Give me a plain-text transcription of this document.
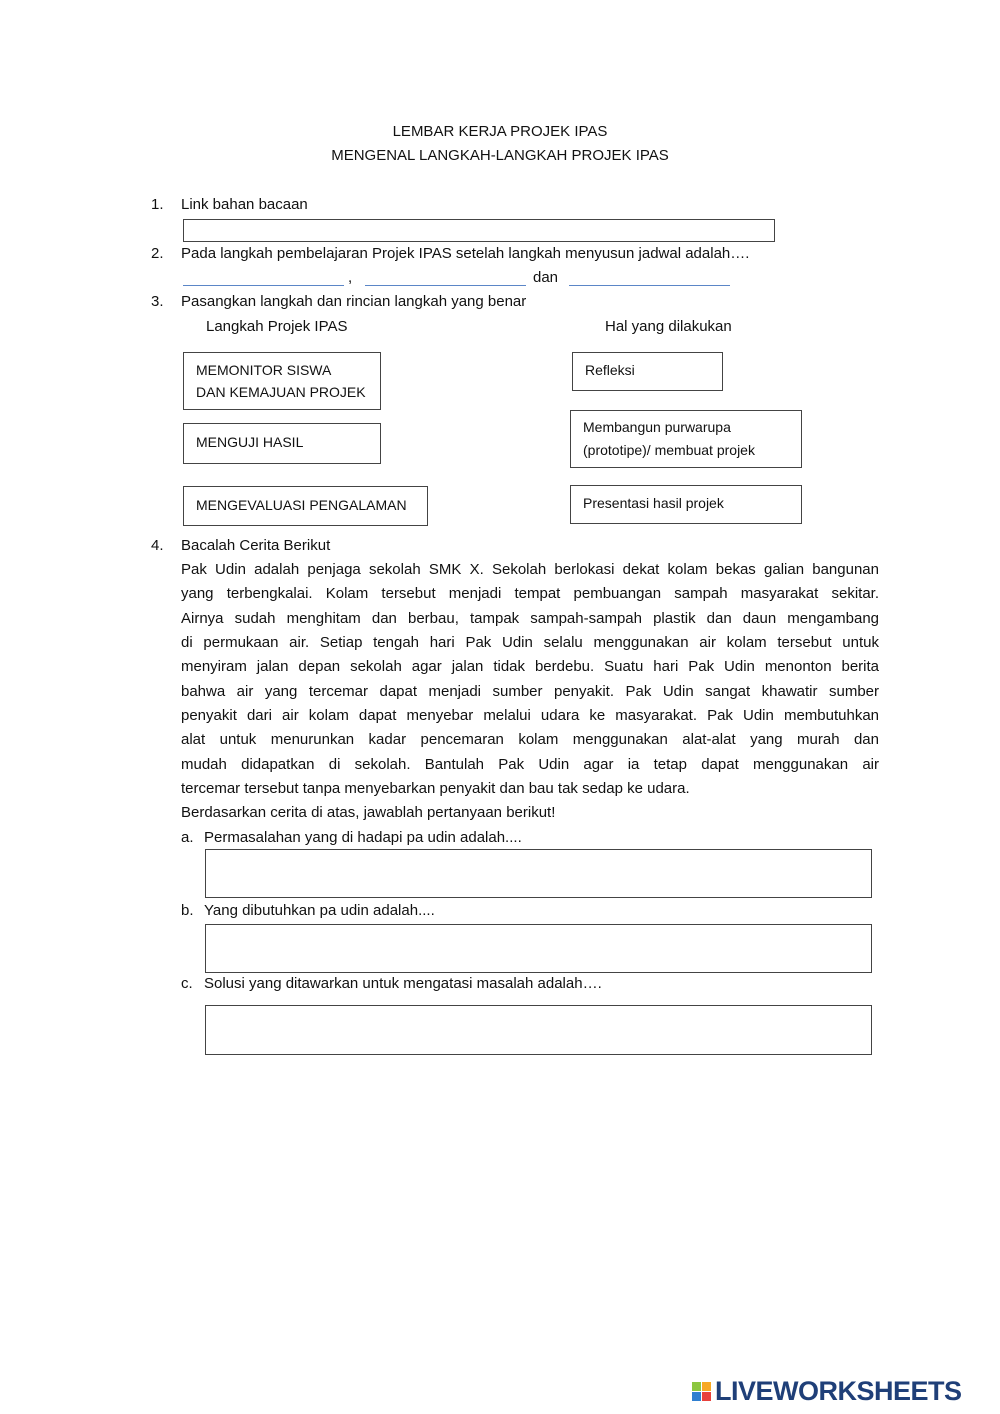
LEMBAR KERJA PROJEK IPAS
MENGENAL LANGKAH-LANGKAH PROJEK IPAS
1. Link bahan bacaan
2. Pada langkah pembelajaran Projek IPAS setelah langkah menyusun jadwal adalah….
,	dan
3. Pasangkan langkah dan rincian langkah yang benar
Langkah Projek IPAS	Hal yang dilakukan
MEMONITOR SISWA
DAN KEMAJUAN PROJEK
MENGUJI HASIL
MENGEVALUASI PENGALAMAN
Refleksi
Membangun purwarupa
(prototipe)/ membuat projek
Presentasi hasil projek
4. Bacalah Cerita Berikut
Pak Udin adalah penjaga sekolah SMK X. Sekolah berlokasi dekat kolam bekas galian bangunan
yang terbengkalai. Kolam tersebut menjadi tempat pembuangan sampah masyarakat sekitar.
Airnya sudah menghitam dan berbau, tampak sampah-sampah plastik dan daun mengambang
di permukaan air. Setiap tengah hari Pak Udin selalu menggunakan air kolam tersebut untuk
menyiram jalan depan sekolah agar jalan tidak berdebu. Suatu hari Pak Udin menonton berita
bahwa air yang tercemar dapat menjadi sumber penyakit. Pak Udin sangat khawatir sumber
penyakit dari air kolam dapat menyebar melalui udara ke masyarakat. Pak Udin membutuhkan
alat untuk menurunkan kadar pencemaran kolam menggunakan alat-alat yang murah dan
mudah didapatkan di sekolah. Bantulah Pak Udin agar ia tetap dapat menggunakan air
tercemar tersebut tanpa menyebarkan penyakit dan bau tak sedap ke udara.
Berdasarkan cerita di atas, jawablah pertanyaan berikut!
a. Permasalahan yang di hadapi pa udin adalah....
b. Yang dibutuhkan pa udin adalah....
c. Solusi yang ditawarkan untuk mengatasi masalah adalah….
LIVEWORKSHEETS
